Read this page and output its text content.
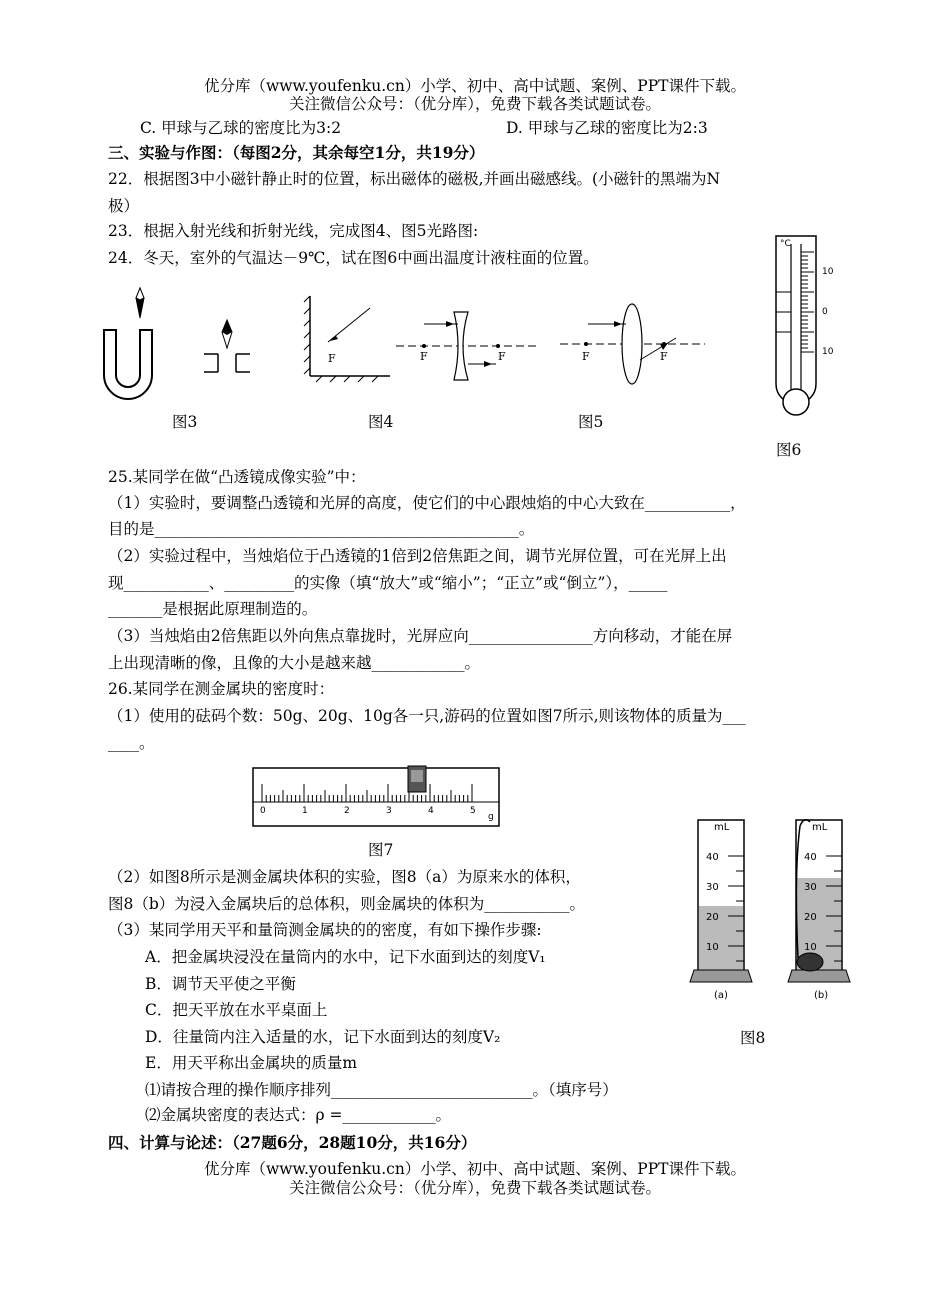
优分库（www.youfenku.cn）小学、初中、高中试题、案例、PPT课件下载。
关注微信公众号：（优分库），免费下载各类试题试卷。
C. 甲球与乙球的密度比为3:2	D. 甲球与乙球的密度比为2:3
三、实验与作图：（每图2分，其余每空1分，共19分）
22．根据图3中小磁针静止时的位置，标出磁体的磁极,并画出磁感线。(小磁针的黑端为N
极）
23．根据入射光线和折射光线，完成图4、图5光路图:
24．冬天，室外的气温达－9℃，试在图6中画出温度计液柱面的位置。
图3
F	F	F
图4
F	F
图5
°C
10
0
10
图6
25.某同学在做“凸透镜成像实验”中：
（1）实验时，要调整凸透镜和光屏的高度，使它们的中心跟烛焰的中心大致在___________，
目的是_______________________________________________。
（2）实验过程中，当烛焰位于凸透镜的1倍到2倍焦距之间，调节光屏位置，可在光屏上出
现___________、_________的实像（填“放大”或“缩小”；“正立”或“倒立”），_____
_______是根据此原理制造的。
（3）当烛焰由2倍焦距以外向焦点靠拢时，光屏应向________________方向移动，才能在屏
上出现清晰的像，且像的大小是越来越____________。
26.某同学在测金属块的密度时：
（1）使用的砝码个数：50g、20g、10g各一只,游码的位置如图7所示,则该物体的质量为___
____。
0	1	2	3	4	5
g
图7
（2）如图8所示是测金属块体积的实验，图8（a）为原来水的体积，
图8（b）为浸入金属块后的总体积，则金属块的体积为___________。
（3）某同学用天平和量筒测金属块的的密度，有如下操作步骤:
A．把金属块浸没在量筒内的水中，记下水面到达的刻度V₁
B．调节天平使之平衡
C．把天平放在水平桌面上
D．往量筒内注入适量的水，记下水面到达的刻度V₂
E．用天平称出金属块的质量m
⑴请按合理的操作顺序排列__________________________。（填序号）
⑵金属块密度的表达式：ρ =____________。
mL
40
30
20
10
(a)
mL
40
30
20
10
(b)
图8
四、计算与论述：（27题6分，28题10分，共16分）
优分库（www.youfenku.cn）小学、初中、高中试题、案例、PPT课件下载。
关注微信公众号：（优分库），免费下载各类试题试卷。
